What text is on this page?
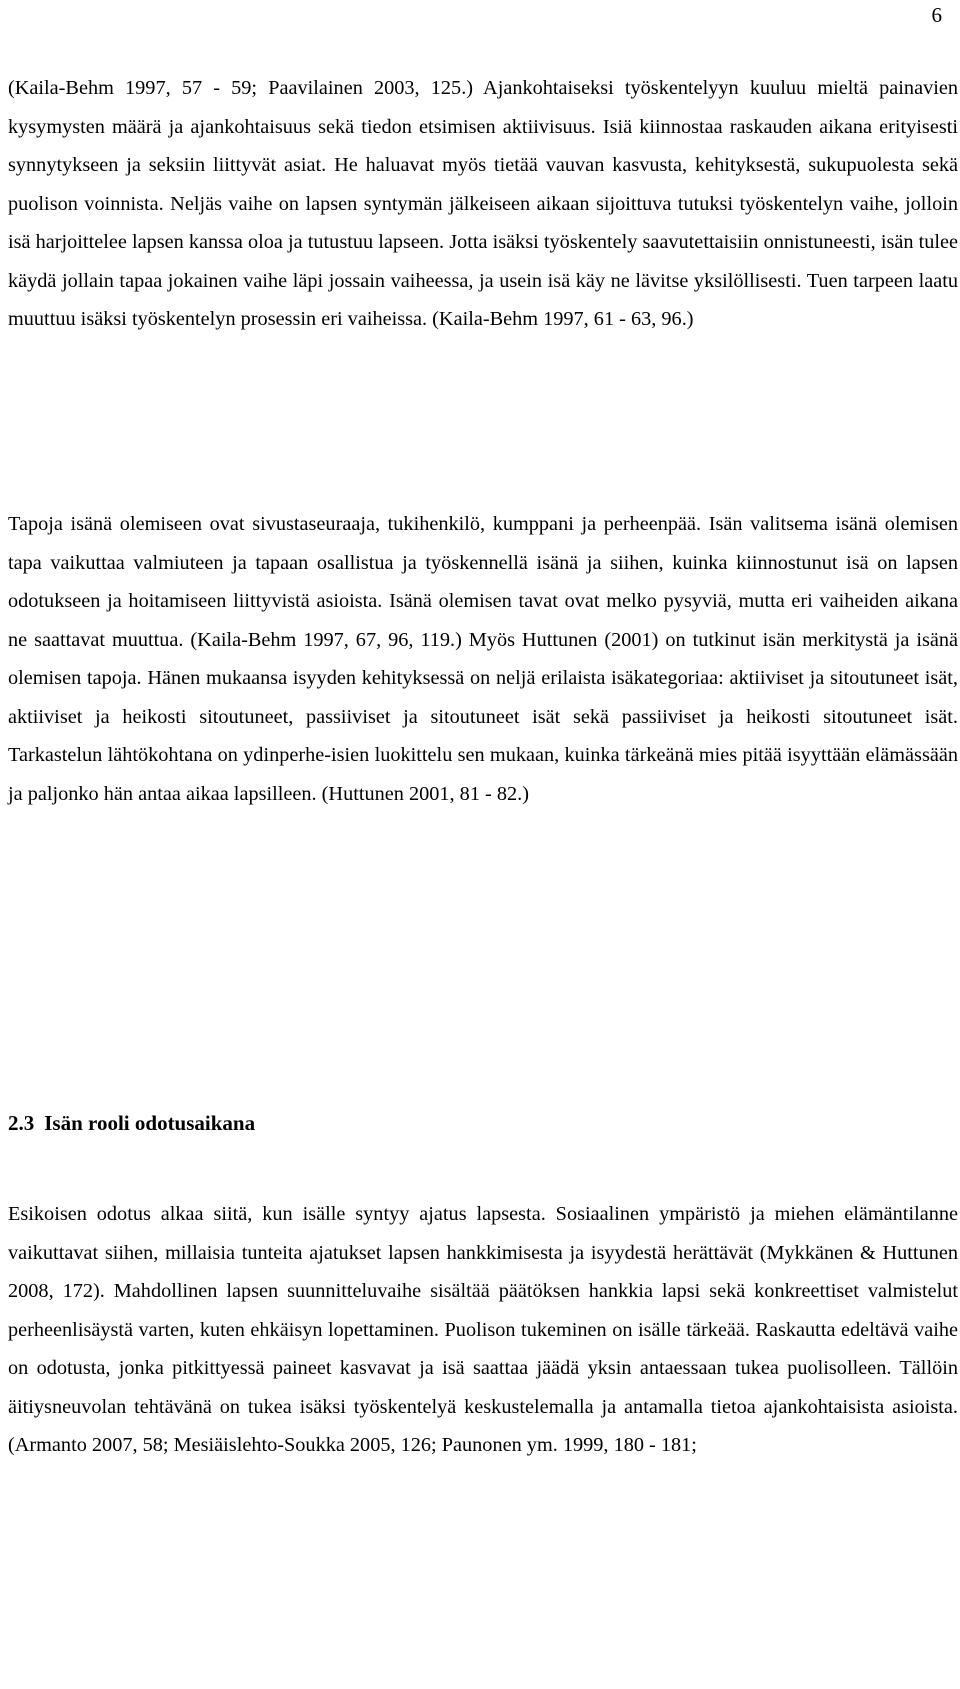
6

(Kaila-Behm 1997, 57 - 59; Paavilainen 2003, 125.) Ajankohtaiseksi työskentelyyn kuuluu mieltä painavien kysymysten määrä ja ajankohtaisuus sekä tiedon etsimisen aktiivisuus. Isiä kiinnostaa raskauden aikana erityisesti synnytykseen ja seksiin liittyvät asiat. He haluavat myös tietää vauvan kasvusta, kehityksestä, sukupuolesta sekä puolison voinnista. Neljäs vaihe on lapsen syntymän jälkeiseen aikaan sijoittuva tutuksi työskentelyn vaihe, jolloin isä harjoittelee lapsen kanssa oloa ja tutustuu lapseen. Jotta isäksi työskentely saavutettaisiin onnistuneesti, isän tulee käydä jollain tapaa jokainen vaihe läpi jossain vaiheessa, ja usein isä käy ne lävitse yksilöllisesti. Tuen tarpeen laatu muuttuu isäksi työskentelyn prosessin eri vaiheissa. (Kaila-Behm 1997, 61 - 63, 96.)

Tapoja isänä olemiseen ovat sivustaseuraaja, tukihenkilö, kumppani ja perheenpää. Isän valitsema isänä olemisen tapa vaikuttaa valmiuteen ja tapaan osallistua ja työskennellä isänä ja siihen, kuinka kiinnostunut isä on lapsen odotukseen ja hoitamiseen liittyvistä asioista. Isänä olemisen tavat ovat melko pysyviä, mutta eri vaiheiden aikana ne saattavat muuttua. (Kaila-Behm 1997, 67, 96, 119.) Myös Huttunen (2001) on tutkinut isän merkitystä ja isänä olemisen tapoja. Hänen mukaansa isyyden kehityksessä on neljä erilaista isäkategoriaa: aktiiviset ja sitoutuneet isät, aktiiviset ja heikosti sitoutuneet, passiiviset ja sitoutuneet isät sekä passiiviset ja heikosti sitoutuneet isät. Tarkastelun lähtökohtana on ydinperhe-isien luokittelu sen mukaan, kuinka tärkeänä mies pitää isyyttään elämässään ja paljonko hän antaa aikaa lapsilleen. (Huttunen 2001, 81 - 82.)

2.3 Isän rooli odotusaikana

Esikoisen odotus alkaa siitä, kun isälle syntyy ajatus lapsesta. Sosiaalinen ympäristö ja miehen elämäntilanne vaikuttavat siihen, millaisia tunteita ajatukset lapsen hankkimisesta ja isyydestä herättävät (Mykkänen & Huttunen 2008, 172). Mahdollinen lapsen suunnitteluvaihe sisältää päätöksen hankkia lapsi sekä konkreettiset valmistelut perheenlisäystä varten, kuten ehkäisyn lopettaminen. Puolison tukeminen on isälle tärkeää. Raskautta edeltävä vaihe on odotusta, jonka pitkittyessä paineet kasvavat ja isä saattaa jäädä yksin antaessaan tukea puolisolleen. Tällöin äitiysneuvolan tehtävänä on tukea isäksi työskentelyä keskustelemalla ja antamalla tietoa ajankohtaisista asioista. (Armanto 2007, 58; Mesiäislehto-Soukka 2005, 126; Paunonen ym. 1999, 180 - 181;
